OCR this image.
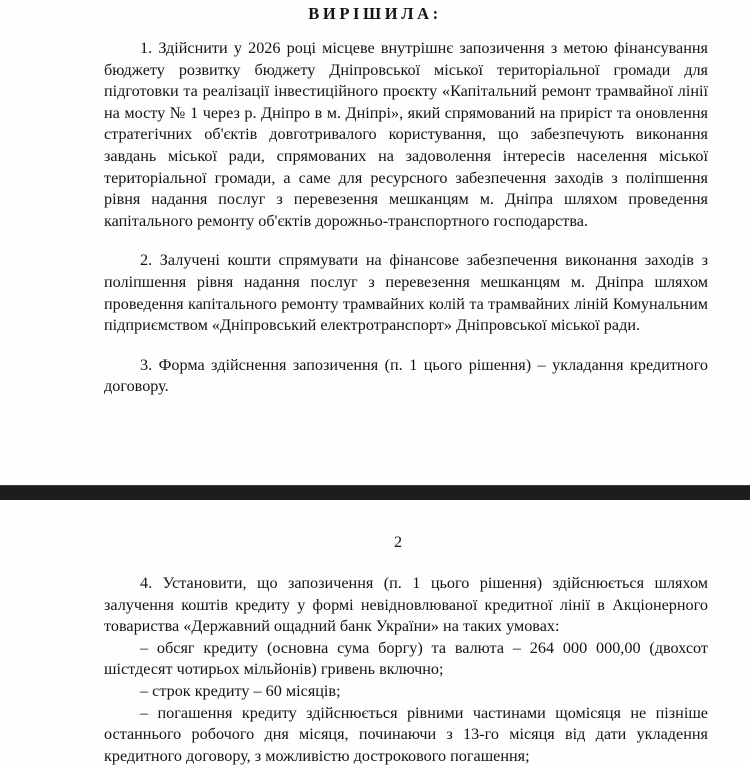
ВИРІШИЛА:

1. Здійснити у 2026 році місцеве внутрішнє запозичення з метою фінансування бюджету розвитку бюджету Дніпровської міської територіальної громади для підготовки та реалізації інвестиційного проєкту «Капітальний ремонт трамвайної лінії на мосту № 1 через р. Дніпро в м. Дніпрі», який спрямований на приріст та оновлення стратегічних об'єктів довготривалого користування, що забезпечують виконання завдань міської ради, спрямованих на задоволення інтересів населення міської територіальної громади, а саме для ресурсного забезпечення заходів з поліпшення рівня надання послуг з перевезення мешканцям м. Дніпра шляхом проведення капітального ремонту об'єктів дорожньо-транспортного господарства.

2. Залучені кошти спрямувати на фінансове забезпечення виконання заходів з поліпшення рівня надання послуг з перевезення мешканцям м. Дніпра шляхом проведення капітального ремонту трамвайних колій та трамвайних ліній Комунальним підприємством «Дніпровський електротранспорт» Дніпровської міської ради.

3. Форма здійснення запозичення (п. 1 цього рішення) – укладання кредитного договору.

2

4. Установити, що запозичення (п. 1 цього рішення) здійснюється шляхом залучення коштів кредиту у формі невідновлюваної кредитної лінії в Акціонерного товариства «Державний ощадний банк України» на таких умовах:

– обсяг кредиту (основна сума боргу) та валюта – 264 000 000,00 (двохсот шістдесят чотирьох мільйонів) гривень включно;

– строк кредиту – 60 місяців;

– погашення кредиту здійснюється рівними частинами щомісяця не пізніше останнього робочого дня місяця, починаючи з 13-го місяця від дати укладення кредитного договору, з можливістю дострокового погашення;
